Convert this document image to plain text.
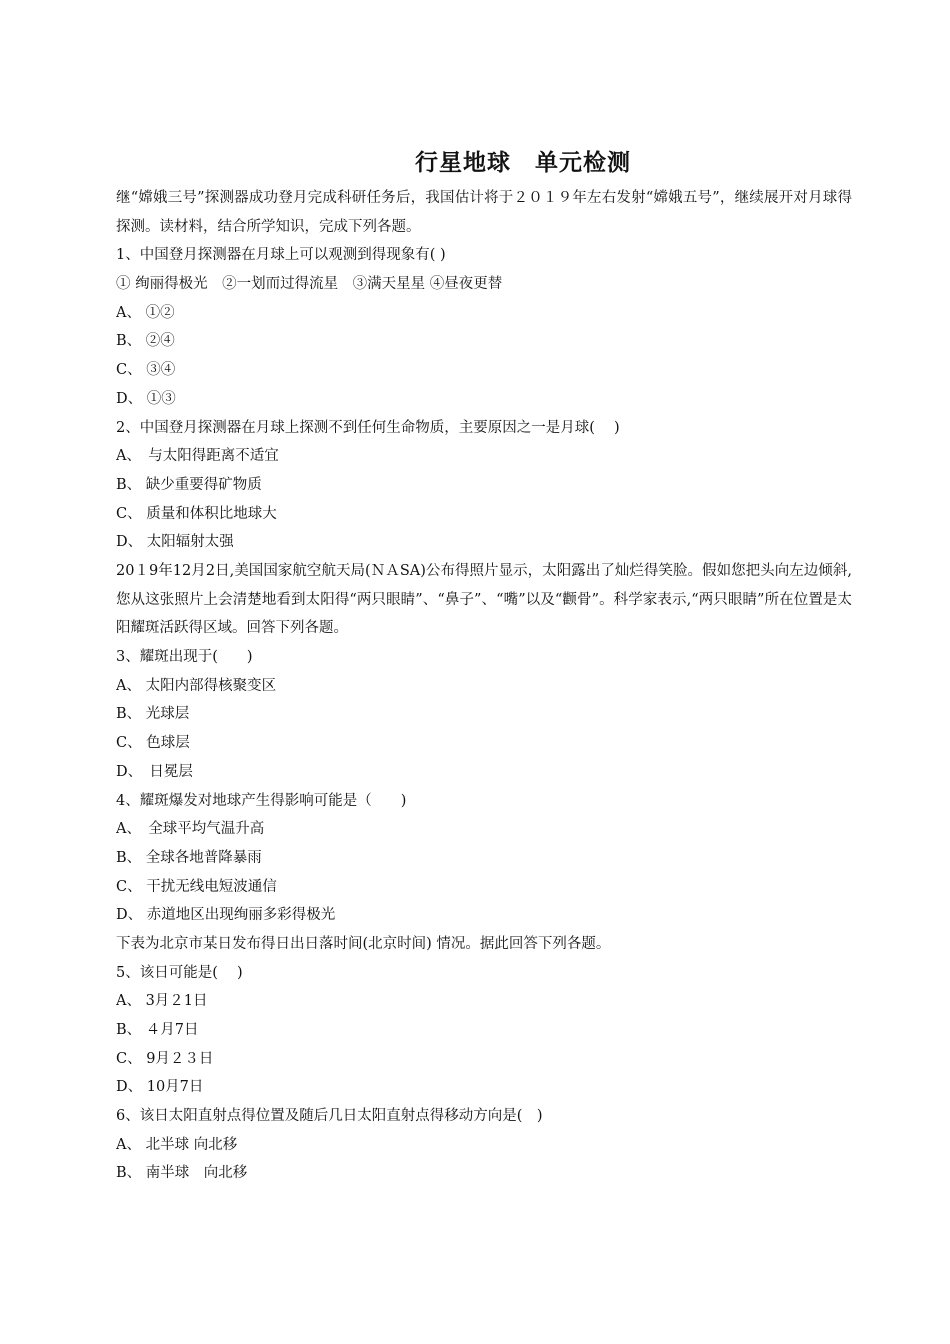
行星地球　单元检测
继“嫦娥三号”探测器成功登月完成科研任务后，我国估计将于２０１９年左右发射“嫦娥五号”，继续展开对月球得探测。读材料，结合所学知识，完成下列各题。
1、中国登月探测器在月球上可以观测到得现象有( )
① 绚丽得极光　②一划而过得流星　③满天星星 ④昼夜更替
A、 ①②
B、 ②④
C、 ③④
D、 ①③
2、中国登月探测器在月球上探测不到任何生命物质，主要原因之一是月球(　 )
A、　与太阳得距离不适宜
B、 缺少重要得矿物质
C、 质量和体积比地球大
D、 太阳辐射太强
20１9年12月2日,美国国家航空航天局(ＮＡSA)公布得照片显示，太阳露出了灿烂得笑脸。假如您把头向左边倾斜,您从这张照片上会清楚地看到太阳得“两只眼睛”、“鼻子”、“嘴”以及“颧骨”。科学家表示,“两只眼睛”所在位置是太阳耀斑活跃得区域。回答下列各题。
3、耀斑出现于(　　)
A、 太阳内部得核聚变区
B、 光球层
C、 色球层
D、　日冕层
4、耀斑爆发对地球产生得影响可能是（　　)
A、　全球平均气温升高
B、 全球各地普降暴雨
C、 干扰无线电短波通信
D、 赤道地区出现绚丽多彩得极光
下表为北京市某日发布得日出日落时间(北京时间) 情况。据此回答下列各题。
5、该日可能是(　 )
A、 3月２1日
B、 ４月7日
C、 9月２３日
D、 10月7日
6、该日太阳直射点得位置及随后几日太阳直射点得移动方向是(　)
A、 北半球 向北移
B、 南半球　向北移
